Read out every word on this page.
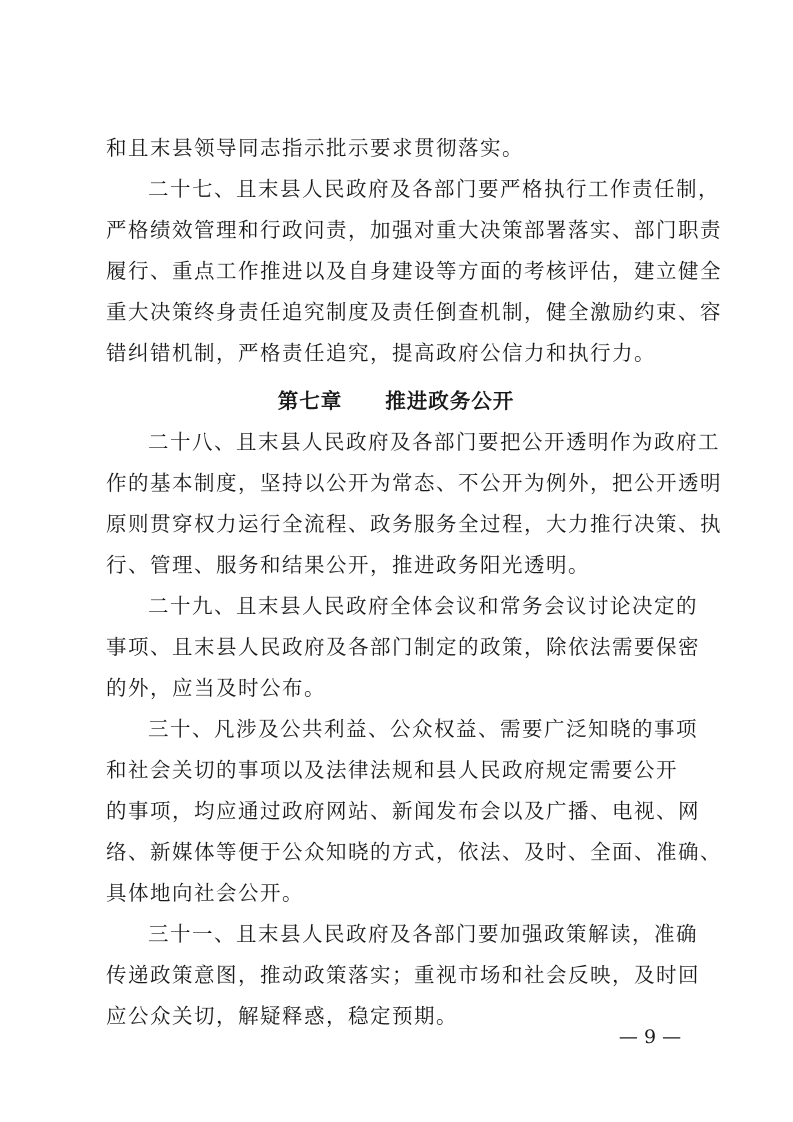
和且末县领导同志指示批示要求贯彻落实。
二十七、且末县人民政府及各部门要严格执行工作责任制，
严格绩效管理和行政问责，加强对重大决策部署落实、部门职责
履行、重点工作推进以及自身建设等方面的考核评估，建立健全
重大决策终身责任追究制度及责任倒查机制，健全激励约束、容
错纠错机制，严格责任追究，提高政府公信力和执行力。
第七章　　推进政务公开
二十八、且末县人民政府及各部门要把公开透明作为政府工
作的基本制度，坚持以公开为常态、不公开为例外，把公开透明
原则贯穿权力运行全流程、政务服务全过程，大力推行决策、执
行、管理、服务和结果公开，推进政务阳光透明。
二十九、且末县人民政府全体会议和常务会议讨论决定的
事项、且末县人民政府及各部门制定的政策，除依法需要保密
的外，应当及时公布。
三十、凡涉及公共利益、公众权益、需要广泛知晓的事项
和社会关切的事项以及法律法规和县人民政府规定需要公开
的事项，均应通过政府网站、新闻发布会以及广播、电视、网
络、新媒体等便于公众知晓的方式，依法、及时、全面、准确、
具体地向社会公开。
三十一、且末县人民政府及各部门要加强政策解读，准确
传递政策意图，推动政策落实；重视市场和社会反映，及时回
应公众关切，解疑释惑，稳定预期。
— 9 —
